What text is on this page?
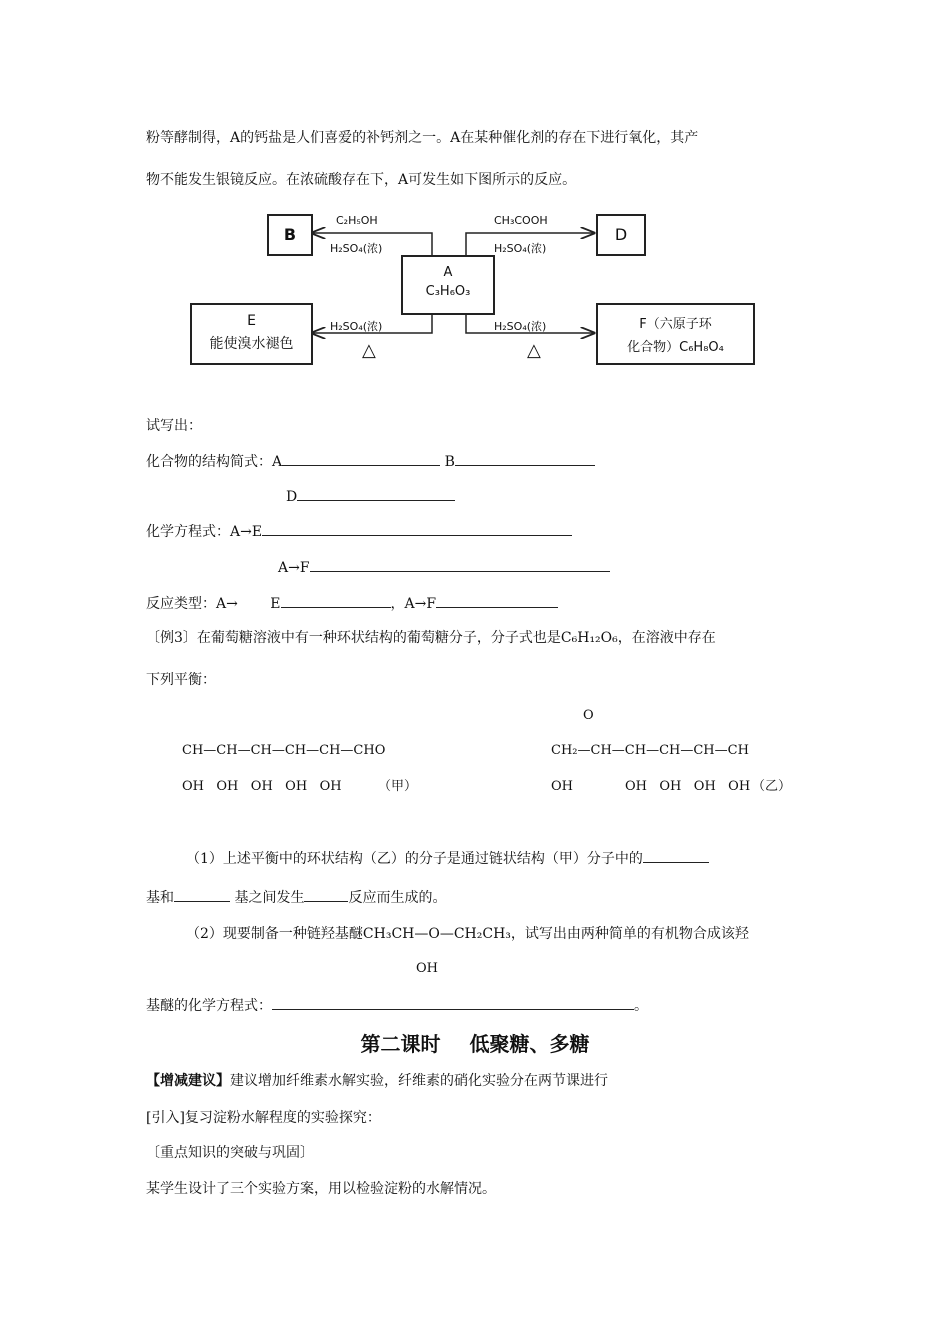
粉等酵制得，A的钙盐是人们喜爱的补钙剂之一。A在某种催化剂的存在下进行氧化，其产
物不能发生银镜反应。在浓硫酸存在下，A可发生如下图所示的反应。
B	D
A
C₃H₆O₃
E
能使溴水褪色
F（六原子环
化合物）C₆H₈O₄
C₂H₅OH
H₂SO₄(浓)
CH₃COOH
H₂SO₄(浓)
H₂SO₄(浓)	H₂SO₄(浓)
△	△
试写出：
化合物的结构简式：A	B
D
化学方程式：A→E
A→F
反应类型：A→ E	，A→F
〔例3〕在葡萄糖溶液中有一种环状结构的葡萄糖分子，分子式也是C₆H₁₂O₆，在溶液中存在
下列平衡：
CH—CH—CH—CH—CH—CHO
OH   OH   OH   OH   OH	（甲）
O
CH₂—CH—CH—CH—CH—CH
OH	OH   OH   OH   OH （乙）
（1）上述平衡中的环状结构（乙）的分子是通过链状结构（甲）分子中的
基和	基之间发生	反应而生成的。
（2）现要制备一种链羟基醚CH₃CH—O—CH₂CH₃，试写出由两种简单的有机物合成该羟
OH
基醚的化学方程式：	。
第二课时 低聚糖、多糖
【增减建议】建议增加纤维素水解实验，纤维素的硝化实验分在两节课进行
[引入]复习淀粉水解程度的实验探究：
〔重点知识的突破与巩固〕
某学生设计了三个实验方案，用以检验淀粉的水解情况。
